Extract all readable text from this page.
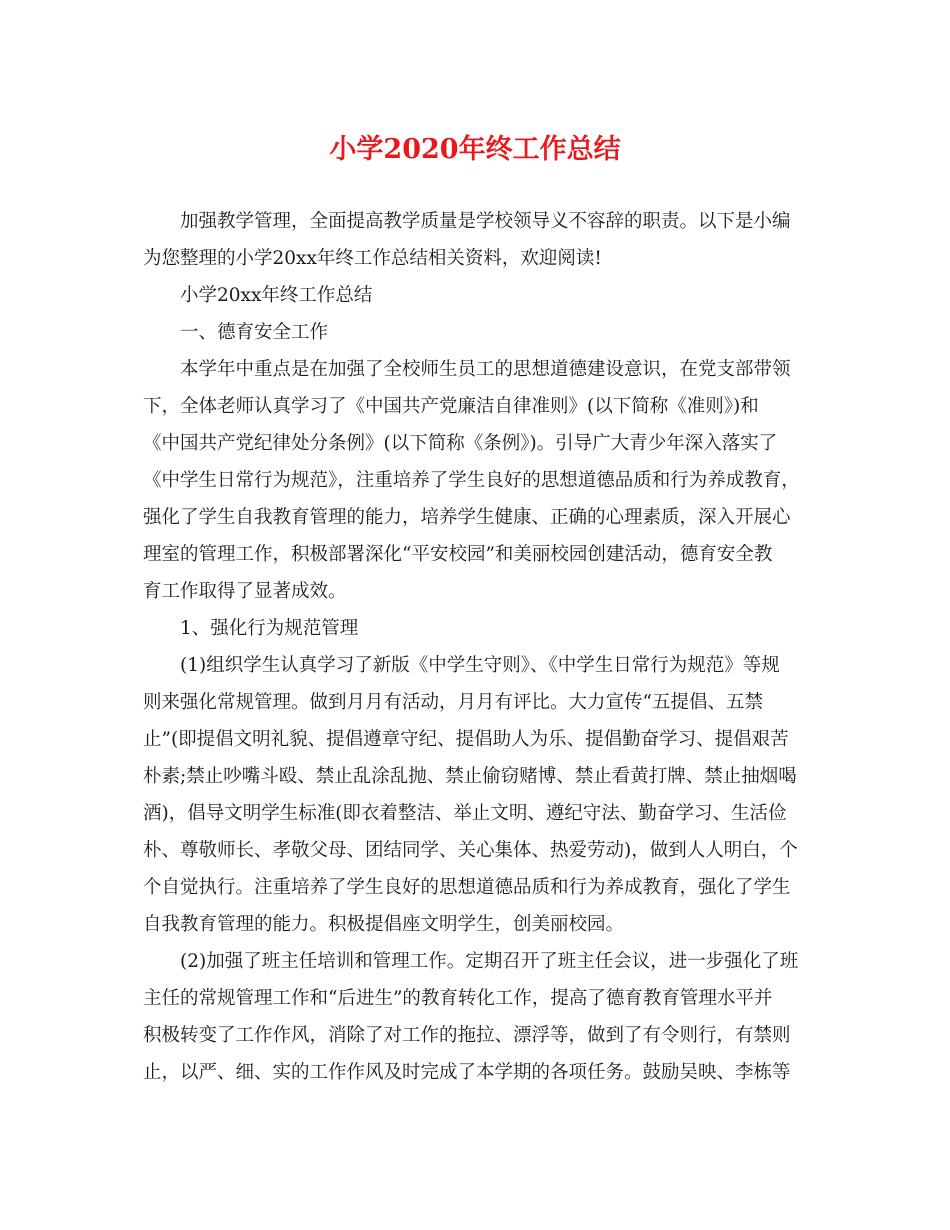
小学2020年终工作总结
加强教学管理，全面提高教学质量是学校领导义不容辞的职责。以下是小编
为您整理的小学20xx年终工作总结相关资料，欢迎阅读!
小学20xx年终工作总结
一、德育安全工作
本学年中重点是在加强了全校师生员工的思想道德建设意识，在党支部带领
下，全体老师认真学习了《中国共产党廉洁自律准则》(以下简称《准则》)和
《中国共产党纪律处分条例》(以下简称《条例》)。引导广大青少年深入落实了
《中学生日常行为规范》，注重培养了学生良好的思想道德品质和行为养成教育，
强化了学生自我教育管理的能力，培养学生健康、正确的心理素质，深入开展心
理室的管理工作，积极部署深化“平安校园”和美丽校园创建活动，德育安全教
育工作取得了显著成效。
1、强化行为规范管理
(1)组织学生认真学习了新版《中学生守则》、《中学生日常行为规范》等规
则来强化常规管理。做到月月有活动，月月有评比。大力宣传“五提倡、五禁
止”(即提倡文明礼貌、提倡遵章守纪、提倡助人为乐、提倡勤奋学习、提倡艰苦
朴素;禁止吵嘴斗殴、禁止乱涂乱抛、禁止偷窃赌博、禁止看黄打牌、禁止抽烟喝
酒)，倡导文明学生标准(即衣着整洁、举止文明、遵纪守法、勤奋学习、生活俭
朴、尊敬师长、孝敬父母、团结同学、关心集体、热爱劳动)，做到人人明白，个
个自觉执行。注重培养了学生良好的思想道德品质和行为养成教育，强化了学生
自我教育管理的能力。积极提倡座文明学生，创美丽校园。
(2)加强了班主任培训和管理工作。定期召开了班主任会议，进一步强化了班
主任的常规管理工作和“后进生”的教育转化工作，提高了德育教育管理水平并
积极转变了工作作风，消除了对工作的拖拉、漂浮等，做到了有令则行，有禁则
止，以严、细、实的工作作风及时完成了本学期的各项任务。鼓励吴映、李栋等
